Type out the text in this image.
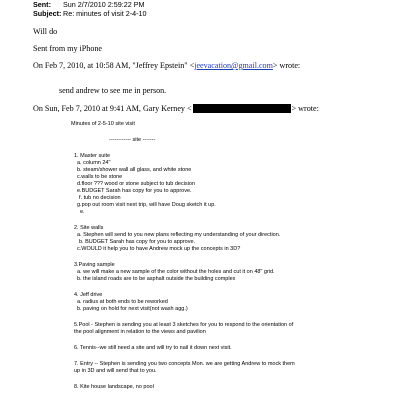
Sent: Sun 2/7/2010 2:59:22 PM
Subject: Re: minutes of visit 2-4-10
Will do
Sent from my iPhone
On Feb 7, 2010, at 10:58 AM, "Jeffrey Epstein" <jeevacation@gmail.com> wrote:
send andrew to see me in person.
On Sun, Feb 7, 2010 at 9:41 AM, Gary Kerney <	> wrote:
Minutes of 2-5-10 site visit
------------ site -------
1. Master suite
a. column 24"
b. steam/shower wall all glass, and white stone
c.walls to be stone
d.floor ??? wood or stone subject to tub decision
e.BUDGET Sarah has copy for you to approve.
f. tub no decision
g.pop out room visit next trip, will have Doug sketch it up.
e.
2. Site walls
a. Stephen will send to you new plans reflecting my understanding of your direction.
b. BUDGET Sarah has copy for you to approve.
c.WOULD it help you to have Andrew mock up the concepts in 3D?
3.Paving sample
a. we will make a new sample of the color without the holes and cut it on 48" grid.
b. the island roads are to be asphalt outside the building complex
4. Jeff drive
a. radius at both ends to be reworked
b. paving on hold for next visit(not wash agg.)
5.Pool - Stephen is sending you at least 3 sketches for you to respond to the orientation of
the pool alignment in relation to the views and pavilion
6. Tennis--we still need a site and will try to nail it down next visit.
7. Entry -- Stephen is sending you two concepts Mon. we are getting Andrew to mock them
up in 3D and will send that to you.
8. Kite house landscape, no pool
